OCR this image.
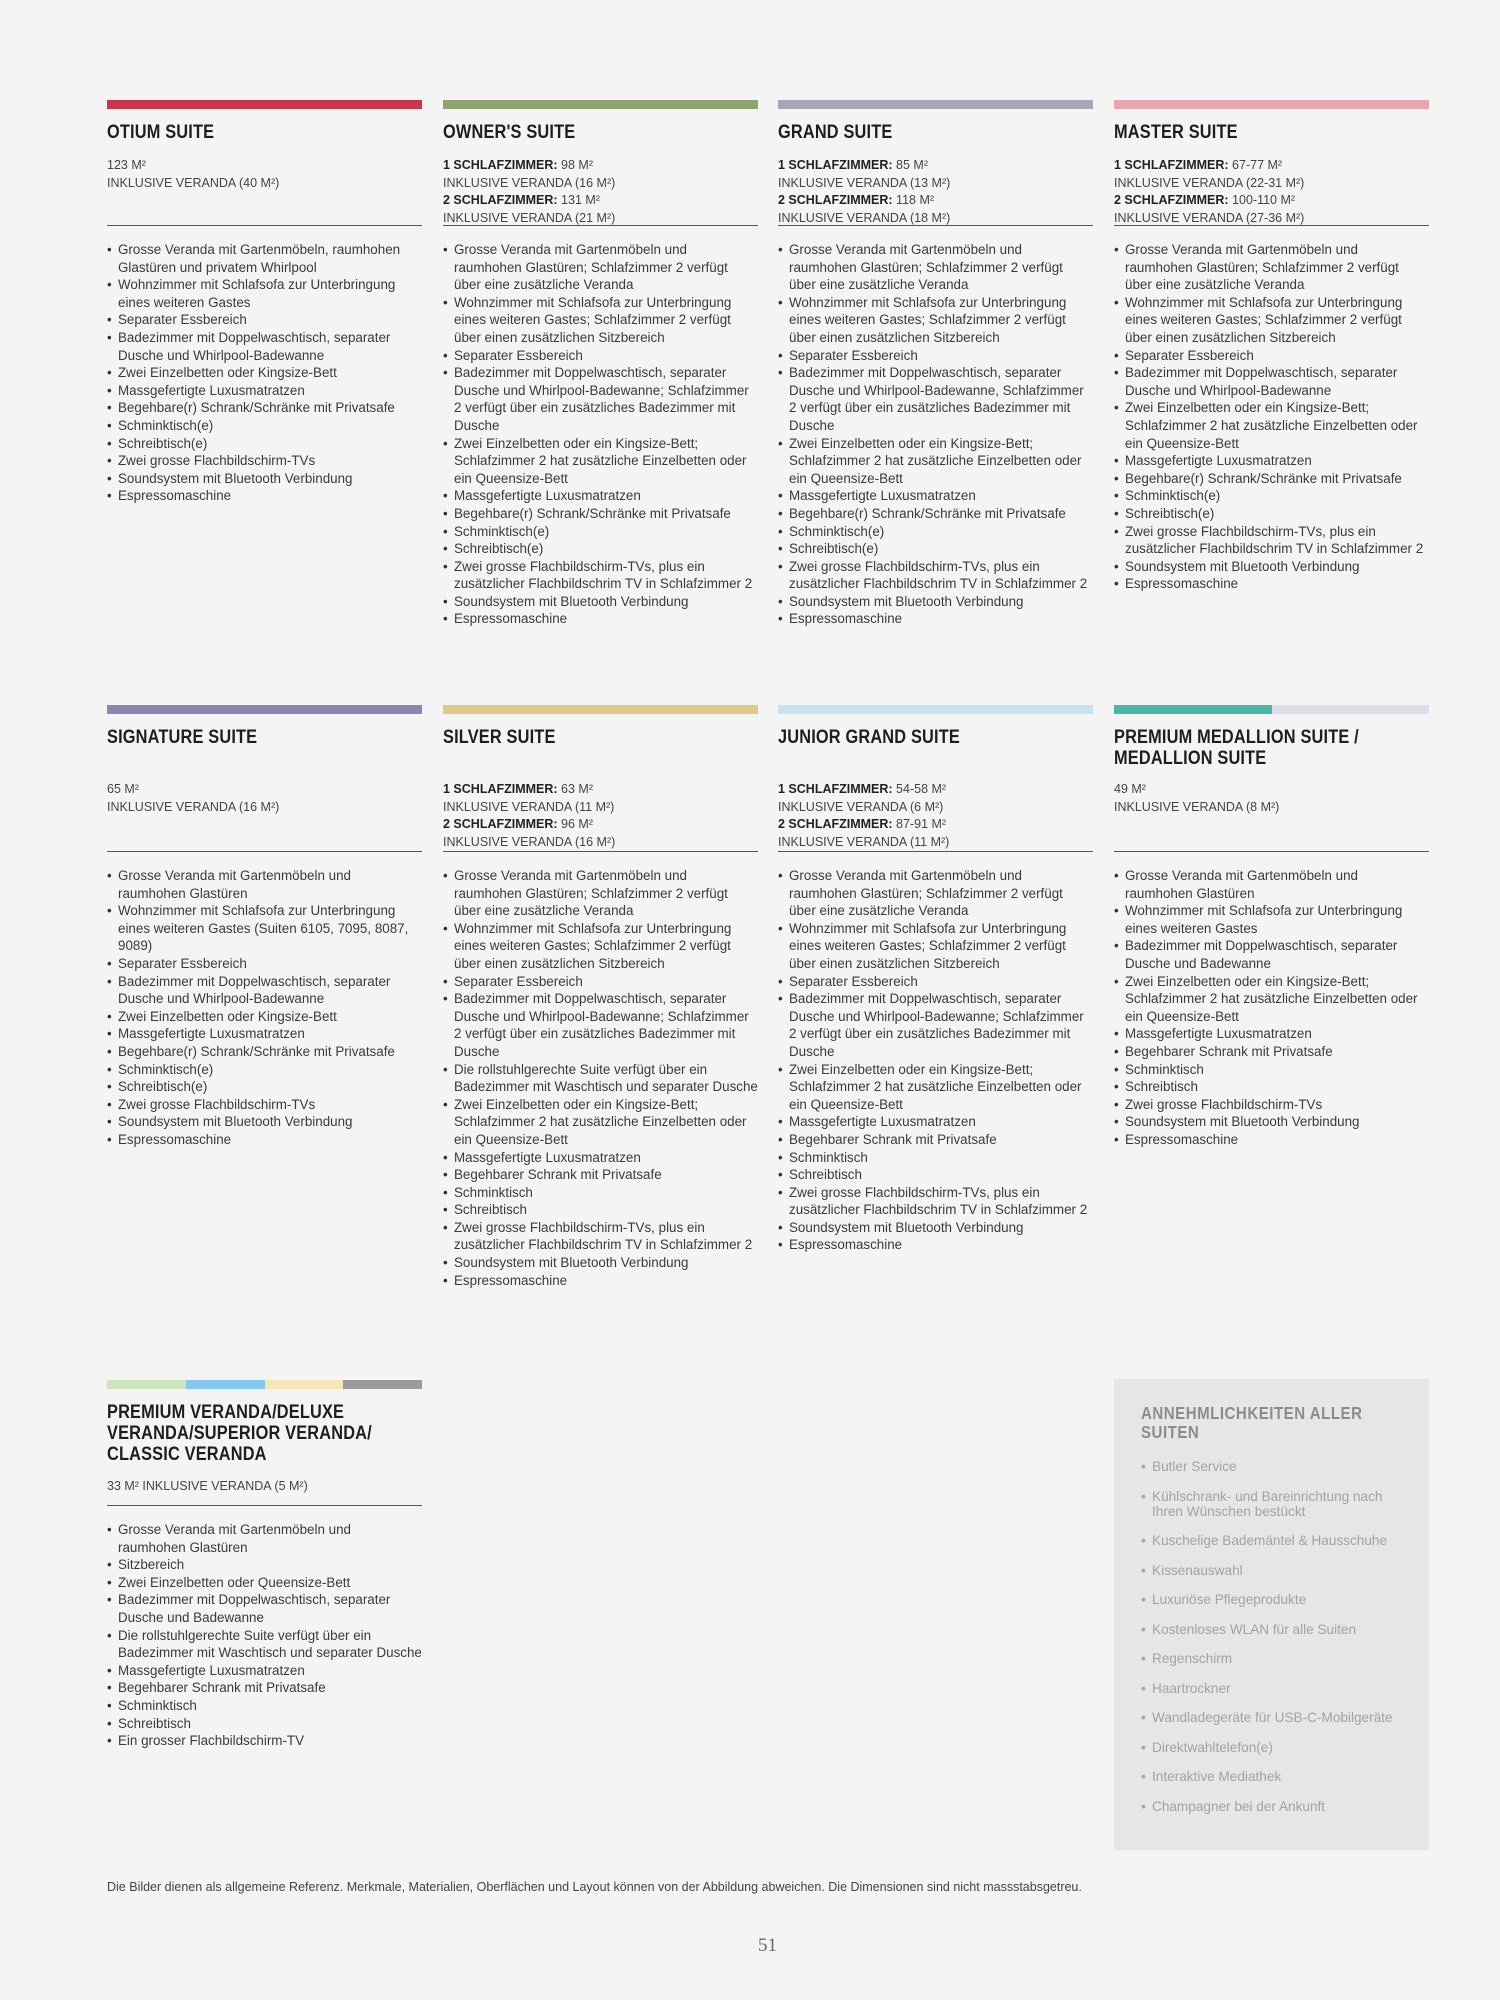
OTIUM SUITE
123 M²
INKLUSIVE VERANDA (40 M²)
• Grosse Veranda mit Gartenmöbeln, raumhohen Glastüren und privatem Whirlpool
• Wohnzimmer mit Schlafsofa zur Unterbringung eines weiteren Gastes
• Separater Essbereich
• Badezimmer mit Doppelwaschtisch, separater Dusche und Whirlpool-Badewanne
• Zwei Einzelbetten oder Kingsize-Bett
• Massgefertigte Luxusmatratzen
• Begehbare(r) Schrank/Schränke mit Privatsafe
• Schminktisch(e)
• Schreibtisch(e)
• Zwei grosse Flachbildschirm-TVs
• Soundsystem mit Bluetooth Verbindung
• Espressomaschine
OWNER'S SUITE
1 SCHLAFZIMMER: 98 M²
INKLUSIVE VERANDA (16 M²)
2 SCHLAFZIMMER: 131 M²
INKLUSIVE VERANDA (21 M²)
• Grosse Veranda mit Gartenmöbeln und raumhohen Glastüren; Schlafzimmer 2 verfügt über eine zusätzliche Veranda
• Wohnzimmer mit Schlafsofa zur Unterbringung eines weiteren Gastes; Schlafzimmer 2 verfügt über einen zusätzlichen Sitzbereich
• Separater Essbereich
• Badezimmer mit Doppelwaschtisch, separater Dusche und Whirlpool-Badewanne; Schlafzimmer 2 verfügt über ein zusätzliches Badezimmer mit Dusche
• Zwei Einzelbetten oder ein Kingsize-Bett; Schlafzimmer 2 hat zusätzliche Einzelbetten oder ein Queensize-Bett
• Massgefertigte Luxusmatratzen
• Begehbare(r) Schrank/Schränke mit Privatsafe
• Schminktisch(e)
• Schreibtisch(e)
• Zwei grosse Flachbildschirm-TVs, plus ein zusätzlicher Flachbildschrim TV in Schlafzimmer 2
• Soundsystem mit Bluetooth Verbindung
• Espressomaschine
GRAND SUITE
1 SCHLAFZIMMER: 85 M²
INKLUSIVE VERANDA (13 M²)
2 SCHLAFZIMMER: 118 M²
INKLUSIVE VERANDA (18 M²)
• Grosse Veranda mit Gartenmöbeln und raumhohen Glastüren; Schlafzimmer 2 verfügt über eine zusätzliche Veranda
• Wohnzimmer mit Schlafsofa zur Unterbringung eines weiteren Gastes; Schlafzimmer 2 verfügt über einen zusätzlichen Sitzbereich
• Separater Essbereich
• Badezimmer mit Doppelwaschtisch, separater Dusche und Whirlpool-Badewanne, Schlafzimmer 2 verfügt über ein zusätzliches Badezimmer mit Dusche
• Zwei Einzelbetten oder ein Kingsize-Bett; Schlafzimmer 2 hat zusätzliche Einzelbetten oder ein Queensize-Bett
• Massgefertigte Luxusmatratzen
• Begehbare(r) Schrank/Schränke mit Privatsafe
• Schminktisch(e)
• Schreibtisch(e)
• Zwei grosse Flachbildschirm-TVs, plus ein zusätzlicher Flachbildschrim TV in Schlafzimmer 2
• Soundsystem mit Bluetooth Verbindung
• Espressomaschine
MASTER SUITE
1 SCHLAFZIMMER: 67-77 M²
INKLUSIVE VERANDA (22-31 M²)
2 SCHLAFZIMMER: 100-110 M²
INKLUSIVE VERANDA (27-36 M²)
• Grosse Veranda mit Gartenmöbeln und raumhohen Glastüren; Schlafzimmer 2 verfügt über eine zusätzliche Veranda
• Wohnzimmer mit Schlafsofa zur Unterbringung eines weiteren Gastes; Schlafzimmer 2 verfügt über einen zusätzlichen Sitzbereich
• Separater Essbereich
• Badezimmer mit Doppelwaschtisch, separater Dusche und Whirlpool-Badewanne
• Zwei Einzelbetten oder ein Kingsize-Bett; Schlafzimmer 2 hat zusätzliche Einzelbetten oder ein Queensize-Bett
• Massgefertigte Luxusmatratzen
• Begehbare(r) Schrank/Schränke mit Privatsafe
• Schminktisch(e)
• Schreibtisch(e)
• Zwei grosse Flachbildschirm-TVs, plus ein zusätzlicher Flachbildschrim TV in Schlafzimmer 2
• Soundsystem mit Bluetooth Verbindung
• Espressomaschine
SIGNATURE SUITE
65 M²
INKLUSIVE VERANDA (16 M²)
• Grosse Veranda mit Gartenmöbeln und raumhohen Glastüren
• Wohnzimmer mit Schlafsofa zur Unterbringung eines weiteren Gastes (Suiten 6105, 7095, 8087, 9089)
• Separater Essbereich
• Badezimmer mit Doppelwaschtisch, separater Dusche und Whirlpool-Badewanne
• Zwei Einzelbetten oder Kingsize-Bett
• Massgefertigte Luxusmatratzen
• Begehbare(r) Schrank/Schränke mit Privatsafe
• Schminktisch(e)
• Schreibtisch(e)
• Zwei grosse Flachbildschirm-TVs
• Soundsystem mit Bluetooth Verbindung
• Espressomaschine
SILVER SUITE
1 SCHLAFZIMMER: 63 M²
INKLUSIVE VERANDA (11 M²)
2 SCHLAFZIMMER: 96 M²
INKLUSIVE VERANDA (16 M²)
• Grosse Veranda mit Gartenmöbeln und raumhohen Glastüren; Schlafzimmer 2 verfügt über eine zusätzliche Veranda
• Wohnzimmer mit Schlafsofa zur Unterbringung eines weiteren Gastes; Schlafzimmer 2 verfügt über einen zusätzlichen Sitzbereich
• Separater Essbereich
• Badezimmer mit Doppelwaschtisch, separater Dusche und Whirlpool-Badewanne; Schlafzimmer 2 verfügt über ein zusätzliches Badezimmer mit Dusche
• Die rollstuhlgerechte Suite verfügt über ein Badezimmer mit Waschtisch und separater Dusche
• Zwei Einzelbetten oder ein Kingsize-Bett; Schlafzimmer 2 hat zusätzliche Einzelbetten oder ein Queensize-Bett
• Massgefertigte Luxusmatratzen
• Begehbarer Schrank mit Privatsafe
• Schminktisch
• Schreibtisch
• Zwei grosse Flachbildschirm-TVs, plus ein zusätzlicher Flachbildschrim TV in Schlafzimmer 2
• Soundsystem mit Bluetooth Verbindung
• Espressomaschine
JUNIOR GRAND SUITE
1 SCHLAFZIMMER: 54-58 M²
INKLUSIVE VERANDA (6 M²)
2 SCHLAFZIMMER: 87-91 M²
INKLUSIVE VERANDA (11 M²)
• Grosse Veranda mit Gartenmöbeln und raumhohen Glastüren; Schlafzimmer 2 verfügt über eine zusätzliche Veranda
• Wohnzimmer mit Schlafsofa zur Unterbringung eines weiteren Gastes; Schlafzimmer 2 verfügt über einen zusätzlichen Sitzbereich
• Separater Essbereich
• Badezimmer mit Doppelwaschtisch, separater Dusche und Whirlpool-Badewanne; Schlafzimmer 2 verfügt über ein zusätzliches Badezimmer mit Dusche
• Zwei Einzelbetten oder ein Kingsize-Bett; Schlafzimmer 2 hat zusätzliche Einzelbetten oder ein Queensize-Bett
• Massgefertigte Luxusmatratzen
• Begehbarer Schrank mit Privatsafe
• Schminktisch
• Schreibtisch
• Zwei grosse Flachbildschirm-TVs, plus ein zusätzlicher Flachbildschrim TV in Schlafzimmer 2
• Soundsystem mit Bluetooth Verbindung
• Espressomaschine
PREMIUM MEDALLION SUITE / MEDALLION SUITE
49 M²
INKLUSIVE VERANDA (8 M²)
• Grosse Veranda mit Gartenmöbeln und raumhohen Glastüren
• Wohnzimmer mit Schlafsofa zur Unterbringung eines weiteren Gastes
• Badezimmer mit Doppelwaschtisch, separater Dusche und Badewanne
• Zwei Einzelbetten oder ein Kingsize-Bett; Schlafzimmer 2 hat zusätzliche Einzelbetten oder ein Queensize-Bett
• Massgefertigte Luxusmatratzen
• Begehbarer Schrank mit Privatsafe
• Schminktisch
• Schreibtisch
• Zwei grosse Flachbildschirm-TVs
• Soundsystem mit Bluetooth Verbindung
• Espressomaschine
PREMIUM VERANDA/DELUXE VERANDA/SUPERIOR VERANDA/ CLASSIC VERANDA
33 M² INKLUSIVE VERANDA (5 M²)
• Grosse Veranda mit Gartenmöbeln und raumhohen Glastüren
• Sitzbereich
• Zwei Einzelbetten oder Queensize-Bett
• Badezimmer mit Doppelwaschtisch, separater Dusche und Badewanne
• Die rollstuhlgerechte Suite verfügt über ein Badezimmer mit Waschtisch und separater Dusche
• Massgefertigte Luxusmatratzen
• Begehbarer Schrank mit Privatsafe
• Schminktisch
• Schreibtisch
• Ein grosser Flachbildschirm-TV
ANNEHMLICHKEITEN ALLER SUITEN
• Butler Service
• Kühlschrank- und Bareinrichtung nach Ihren Wünschen bestückt
• Kuschelige Bademäntel & Hausschuhe
• Kissenauswahl
• Luxuriöse Pflegeprodukte
• Kostenloses WLAN für alle Suiten
• Regenschirm
• Haartrockner
• Wandladegeräte für USB-C-Mobilgeräte
• Direktwahltelefon(e)
• Interaktive Mediathek
• Champagner bei der Ankunft
Die Bilder dienen als allgemeine Referenz. Merkmale, Materialien, Oberflächen und Layout können von der Abbildung abweichen. Die Dimensionen sind nicht massstabsgetreu.
51
